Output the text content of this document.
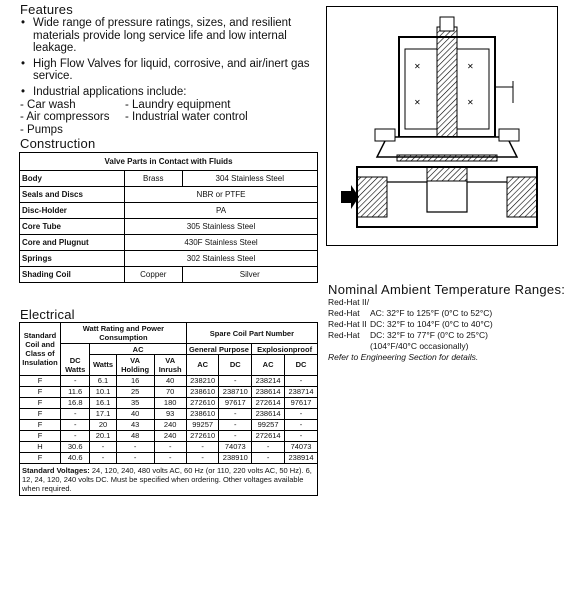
Features
• Wide range of pressure ratings, sizes, and resilient materials provide long service life and low internal leakage.
• High Flow Valves for liquid, corrosive, and air/inert gas service.
• Industrial applications include:
- Car wash	- Laundry equipment
- Air compressors	- Industrial water control
- Pumps
Construction
Valve Parts in Contact with Fluids		
Body	Brass	304 Stainless Steel
Seals and Discs	NBR or PTFE	
Disc-Holder	PA	
Core Tube	305 Stainless Steel	
Core and Plugnut	430F Stainless Steel	
Springs	302 Stainless Steel	
Shading Coil	Copper	Silver
Electrical
Standard Coil and Class of Insulation	Watt Rating and Power Consumption				Spare Coil Part Number			
		AC			General Purpose		Explosionproof	
	DC Watts	Watts	VA Holding	VA Inrush	AC	DC	AC	DC
F	-	6.1	16	40	238210	-	238214	-
F	11.6	10.1	25	70	238610	238710	238614	238714
F	16.8	16.1	35	180	272610	97617	272614	97617
F	-	17.1	40	93	238610	-	238614	-
F	-	20	43	240	99257	-	99257	-
F	-	20.1	48	240	272610	-	272614	-
H	30.6	-	-	-	-	74073	-	74073
F	40.6	-	-	-	-	238910	-	238914
Standard Voltages: 24, 120, 240, 480 volts AC, 60 Hz (or 110, 220 volts AC, 50 Hz). 6, 12, 24, 120, 240 volts DC. Must be specified when ordering. Other voltages available when required.								
✕	✕
✕	✕
Nominal Ambient Temperature Ranges:
Red-Hat II/
Red-Hat	AC: 32°F to 125°F (0°C to 52°C)
Red-Hat II DC: 32°F to 104°F (0°C to 40°C)
Red-Hat	DC: 32°F to 77°F (0°C to 25°C)
(104°F/40°C occasionally)
Refer to Engineering Section for details.
